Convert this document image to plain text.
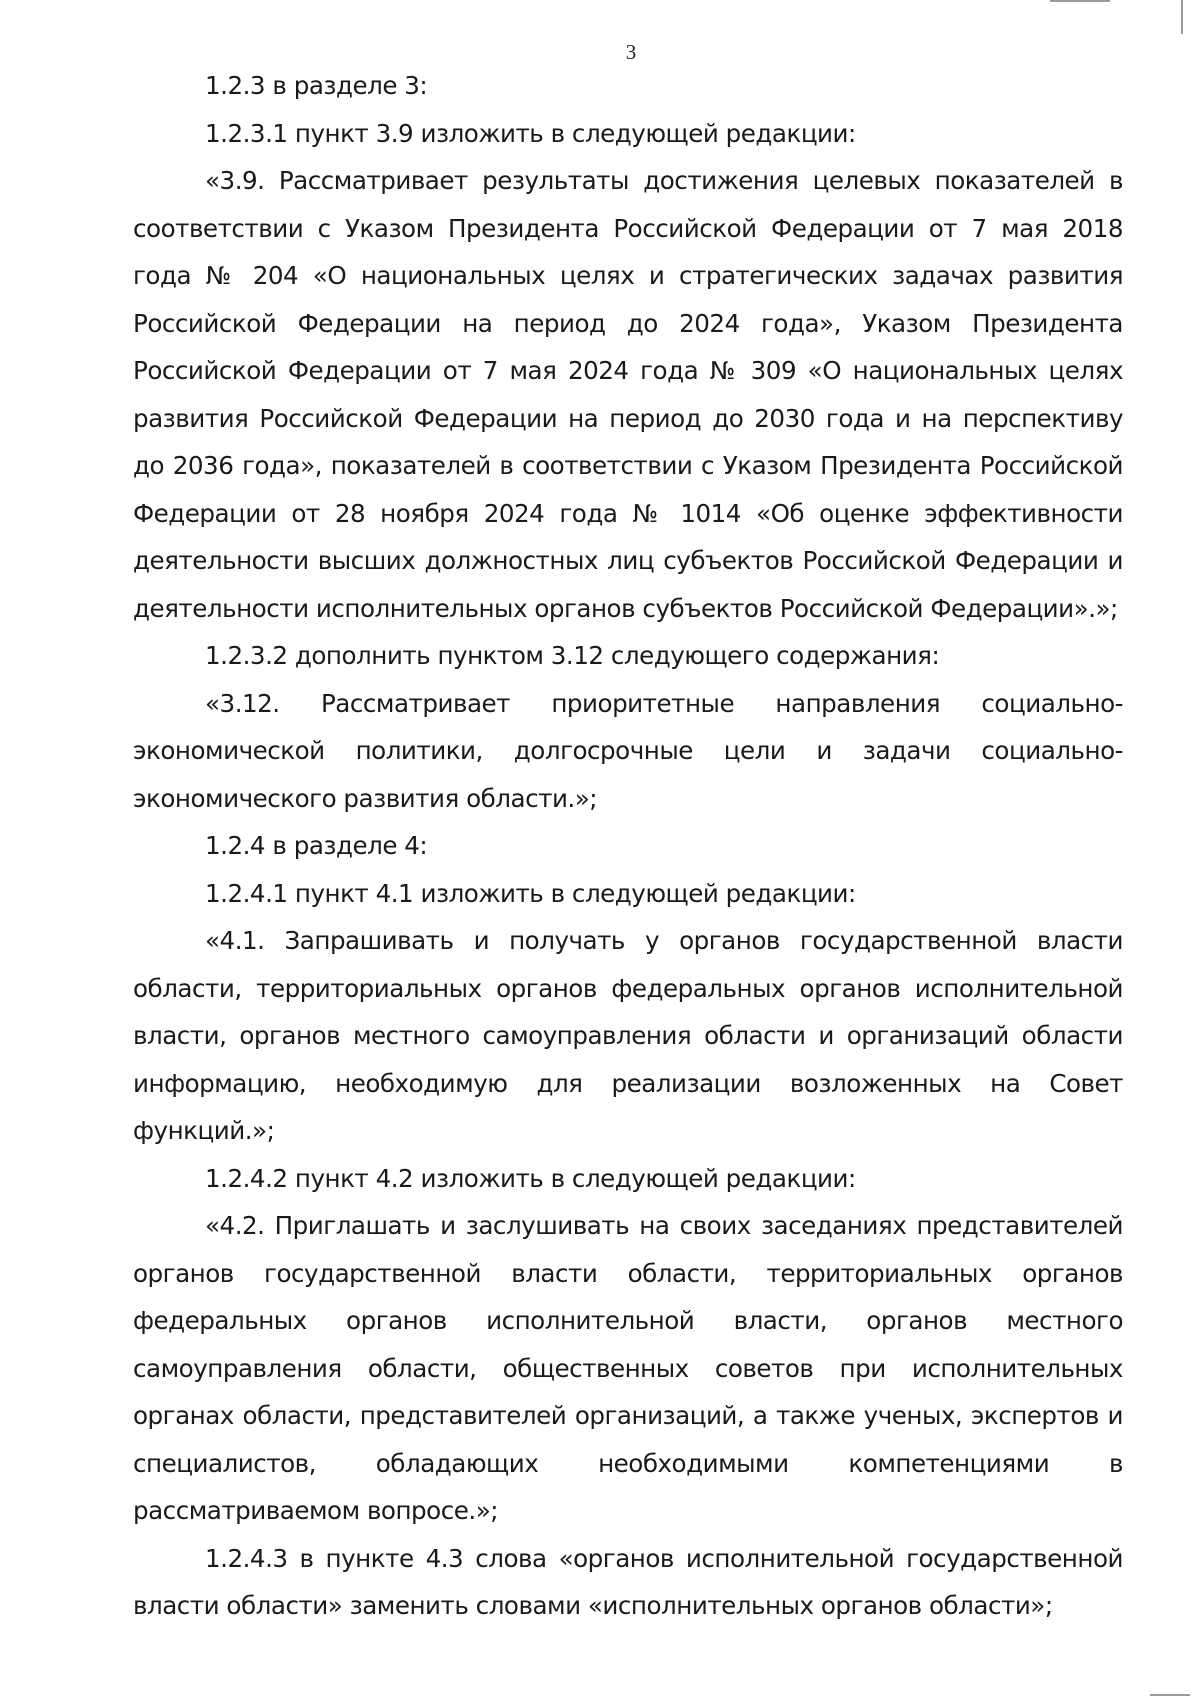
3

1.2.3 в разделе 3:

1.2.3.1 пункт 3.9 изложить в следующей редакции:

«3.9. Рассматривает результаты достижения целевых показателей в соответствии с Указом Президента Российской Федерации от 7 мая 2018 года № 204 «О национальных целях и стратегических задачах развития Российской Федерации на период до 2024 года», Указом Президента Российской Федерации от 7 мая 2024 года № 309 «О национальных целях развития Российской Федерации на период до 2030 года и на перспективу до 2036 года», показателей в соответствии с Указом Президента Российской Федерации от 28 ноября 2024 года № 1014 «Об оценке эффективности деятельности высших должностных лиц субъектов Российской Федерации и деятельности исполнительных органов субъектов Российской Федерации».»;

1.2.3.2 дополнить пунктом 3.12 следующего содержания:

«3.12. Рассматривает приоритетные направления социально-экономической политики, долгосрочные цели и задачи социально-экономического развития области.»;

1.2.4 в разделе 4:

1.2.4.1 пункт 4.1 изложить в следующей редакции:

«4.1. Запрашивать и получать у органов государственной власти области, территориальных органов федеральных органов исполнительной власти, органов местного самоуправления области и организаций области информацию, необходимую для реализации возложенных на Совет функций.»;

1.2.4.2 пункт 4.2 изложить в следующей редакции:

«4.2. Приглашать и заслушивать на своих заседаниях представителей органов государственной власти области, территориальных органов федеральных органов исполнительной власти, органов местного самоуправления области, общественных советов при исполнительных органах области, представителей организаций, а также ученых, экспертов и специалистов, обладающих необходимыми компетенциями в рассматриваемом вопросе.»;

1.2.4.3 в пункте 4.3 слова «органов исполнительной государственной власти области» заменить словами «исполнительных органов области»;
